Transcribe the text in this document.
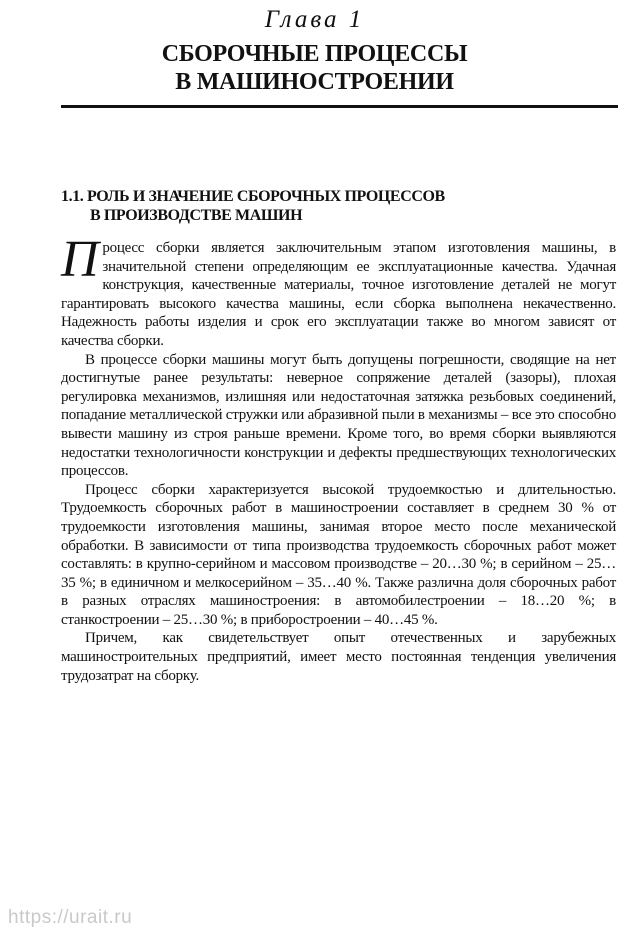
Глава 1
СБОРОЧНЫЕ ПРОЦЕССЫ
В МАШИНОСТРОЕНИИ
1.1. РОЛЬ И ЗНАЧЕНИЕ СБОРОЧНЫХ ПРОЦЕССОВ
В ПРОИЗВОДСТВЕ МАШИН

Процесс сборки является заключительным этапом изготовления машины, в значительной степени определяющим ее эксплуатационные качества. Удачная конструкция, качественные материалы, точное изготовление деталей не могут гарантировать высокого качества машины, если сборка выполнена некачественно. Надежность работы изделия и срок его эксплуатации также во многом зависят от качества сборки.

В процессе сборки машины могут быть допущены погрешности, сводящие на нет достигнутые ранее результаты: неверное сопряжение деталей (зазоры), плохая регулировка механизмов, излишняя или недостаточная затяжка резьбовых соединений, попадание металлической стружки или абразивной пыли в механизмы – все это способно вывести машину из строя раньше времени. Кроме того, во время сборки выявляются недостатки технологичности конструкции и дефекты предшествующих технологических процессов.

Процесс сборки характеризуется высокой трудоемкостью и длительностью. Трудоемкость сборочных работ в машиностроении составляет в среднем 30 % от трудоемкости изготовления машины, занимая второе место после механической обработки. В зависимости от типа производства трудоемкость сборочных работ может составлять: в крупно-серийном и массовом производстве – 20…30 %; в серийном – 25…35 %; в единичном и мелкосерийном – 35…40 %. Также различна доля сборочных работ в разных отраслях машиностроения: в автомобилестроении – 18…20 %; в станкостроении – 25…30 %; в приборостроении – 40…45 %.

Причем, как свидетельствует опыт отечественных и зарубежных машиностроительных предприятий, имеет место постоянная тенденция увеличения трудозатрат на сборку.

https://urait.ru
